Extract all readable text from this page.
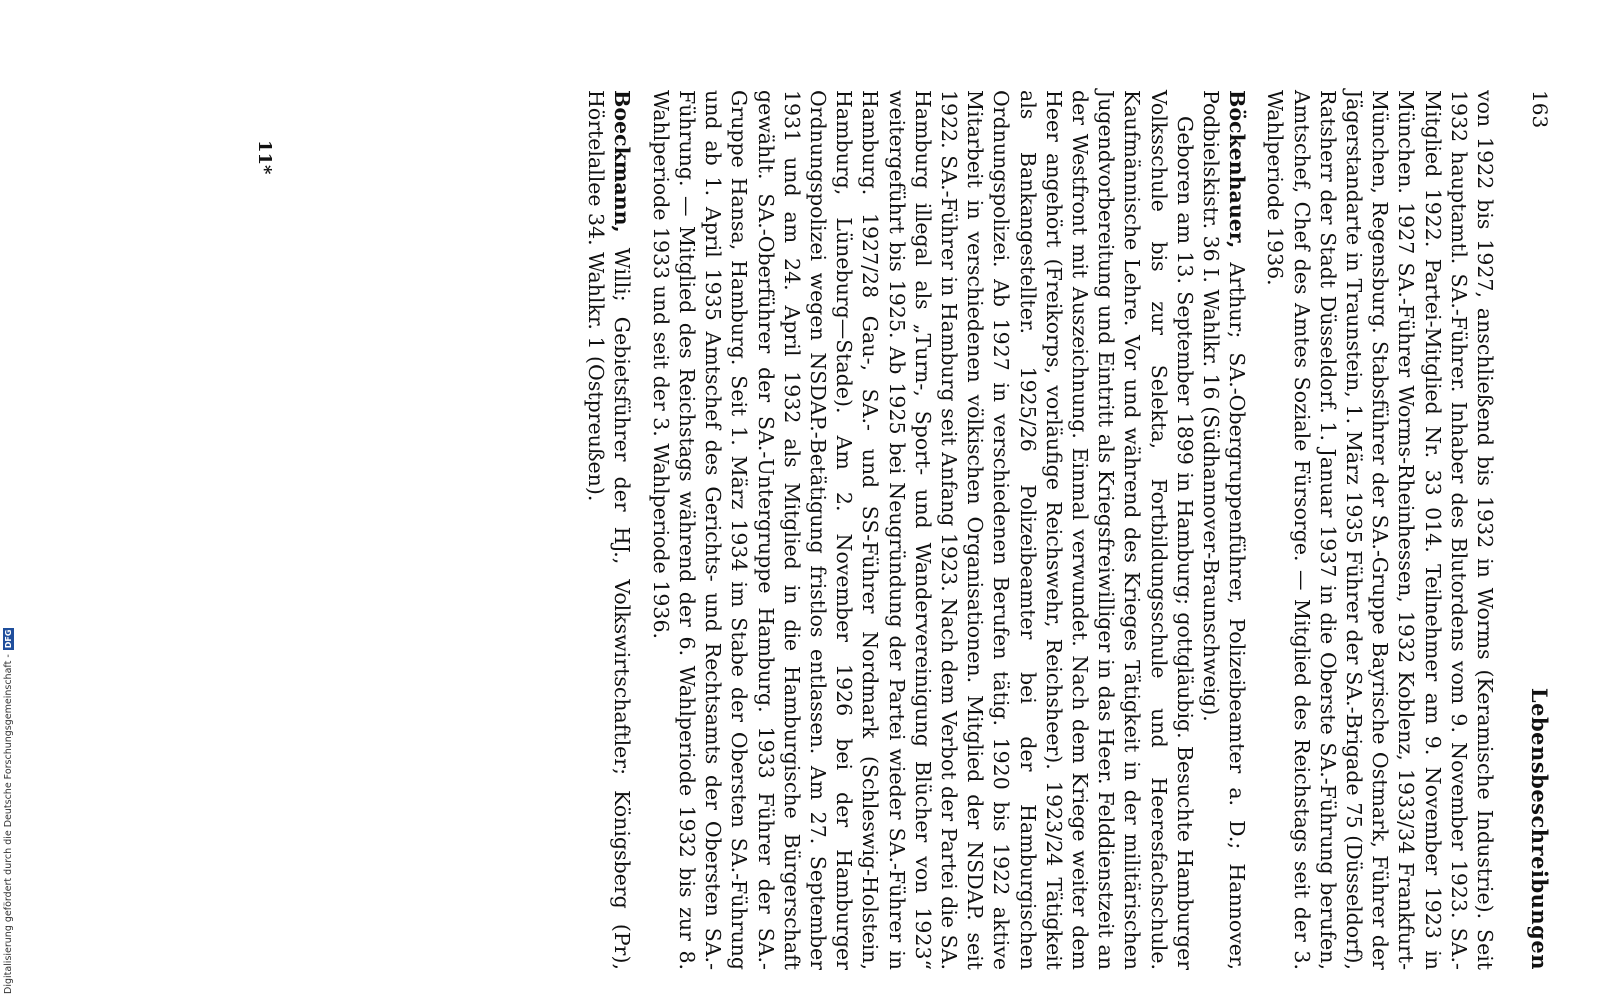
163
Lebensbeschreibungen

von 1922 bis 1927, anschließend bis 1932 in Worms (Keramische Industrie). Seit 1932 hauptamtl. SA.-Führer. Inhaber des Blutordens vom 9. November 1923. SA.-Mitglied 1922. Partei-Mitglied Nr. 33 014. Teilnehmer am 9. November 1923 in München. 1927 SA.-Führer Worms-Rheinhessen, 1932 Koblenz, 1933/34 Frankfurt-München, Regensburg. Stabsführer der SA.-Gruppe Bayrische Ostmark, Führer der Jägerstandarte in Traunstein, 1. März 1935 Führer der SA.-Brigade 75 (Düsseldorf), Ratsherr der Stadt Düsseldorf. 1. Januar 1937 in die Oberste SA.-Führung berufen, Amtschef, Chef des Amtes Soziale Fürsorge. — Mitglied des Reichstags seit der 3. Wahlperiode 1936.

Böckenhauer, Arthur; SA.-Obergruppenführer, Polizeibeamter a. D.; Hannover, Podbielskistr. 36 I. Wahlkr. 16 (Südhannover-Braunschweig).

Geboren am 13. September 1899 in Hamburg; gottgläubig. Besuchte Hamburger Volksschule bis zur Selekta, Fortbildungsschule und Heeresfachschule. Kaufmännische Lehre. Vor und während des Krieges Tätigkeit in der militärischen Jugendvorbereitung und Eintritt als Kriegsfreiwilliger in das Heer. Felddienstzeit an der Westfront mit Auszeichnung. Einmal verwundet. Nach dem Kriege weiter dem Heer angehört (Freikorps, vorläufige Reichswehr, Reichsheer). 1923/24 Tätigkeit als Bankangestellter. 1925/26 Polizeibeamter bei der Hamburgischen Ordnungspolizei. Ab 1927 in verschiedenen Berufen tätig. 1920 bis 1922 aktive Mitarbeit in verschiedenen völkischen Organisationen. Mitglied der NSDAP. seit 1922. SA.-Führer in Hamburg seit Anfang 1923. Nach dem Verbot der Partei die SA. Hamburg illegal als „Turn-, Sport- und Wandervereinigung Blücher von 1923“ weitergeführt bis 1925. Ab 1925 bei Neugründung der Partei wieder SA.-Führer in Hamburg. 1927/28 Gau-, SA.- und SS-Führer Nordmark (Schleswig-Holstein, Hamburg, Lüneburg—Stade). Am 2. November 1926 bei der Hamburger Ordnungspolizei wegen NSDAP.-Betätigung fristlos entlassen. Am 27. September 1931 und am 24. April 1932 als Mitglied in die Hamburgische Bürgerschaft gewählt. SA.-Oberführer der SA.-Untergruppe Hamburg. 1933 Führer der SA.-Gruppe Hansa, Hamburg. Seit 1. März 1934 im Stabe der Obersten SA.-Führung und ab 1. April 1935 Amtschef des Gerichts- und Rechtsamts der Obersten SA.-Führung. — Mitglied des Reichstags während der 6. Wahlperiode 1932 bis zur 8. Wahlperiode 1933 und seit der 3. Wahlperiode 1936.

Boeckmann, Willi; Gebietsführer der HJ., Volkswirtschaftler; Königsberg (Pr), Hörtelallee 34. Wahlkr. 1 (Ostpreußen).

11*
Digitalisierung gefördert durch die Deutsche Forschungsgemeinschaft -
DFG
